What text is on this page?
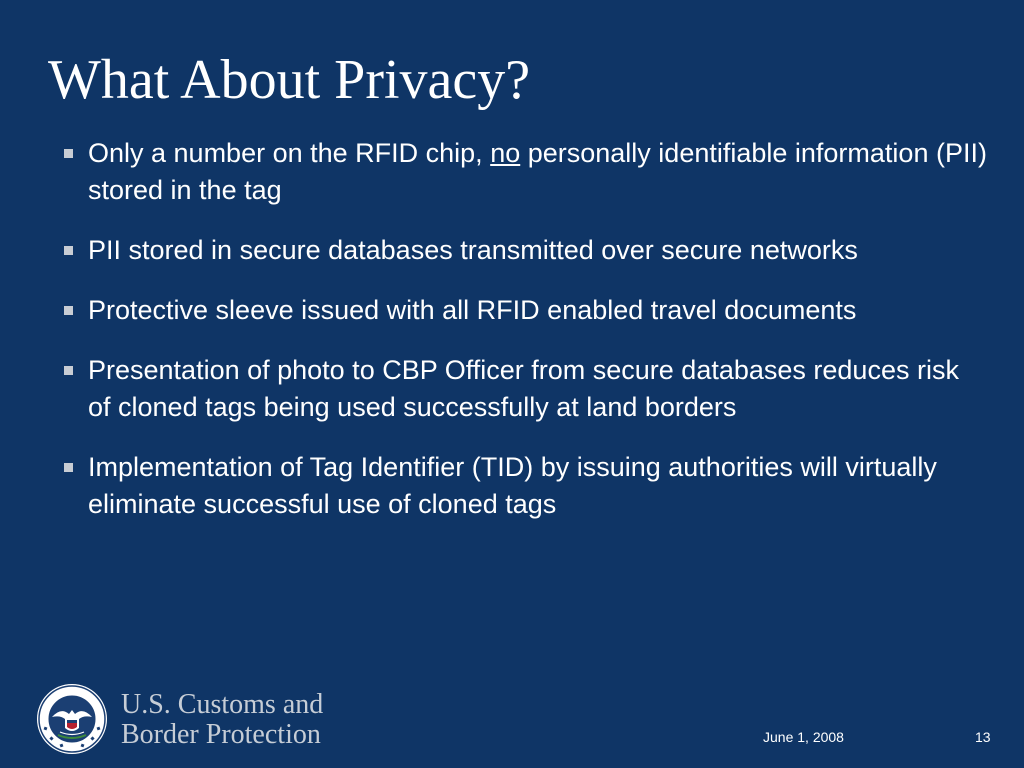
What About Privacy?
Only a number on the RFID chip, no personally identifiable information (PII) stored in the tag
PII stored in secure databases transmitted over secure networks
Protective sleeve issued with all RFID enabled travel documents
Presentation of photo to CBP Officer from secure databases reduces risk of cloned tags being used successfully at land borders
Implementation of Tag Identifier (TID) by issuing authorities will virtually eliminate successful use of cloned tags
U.S. Customs and
Border Protection	June 1, 2008	13
